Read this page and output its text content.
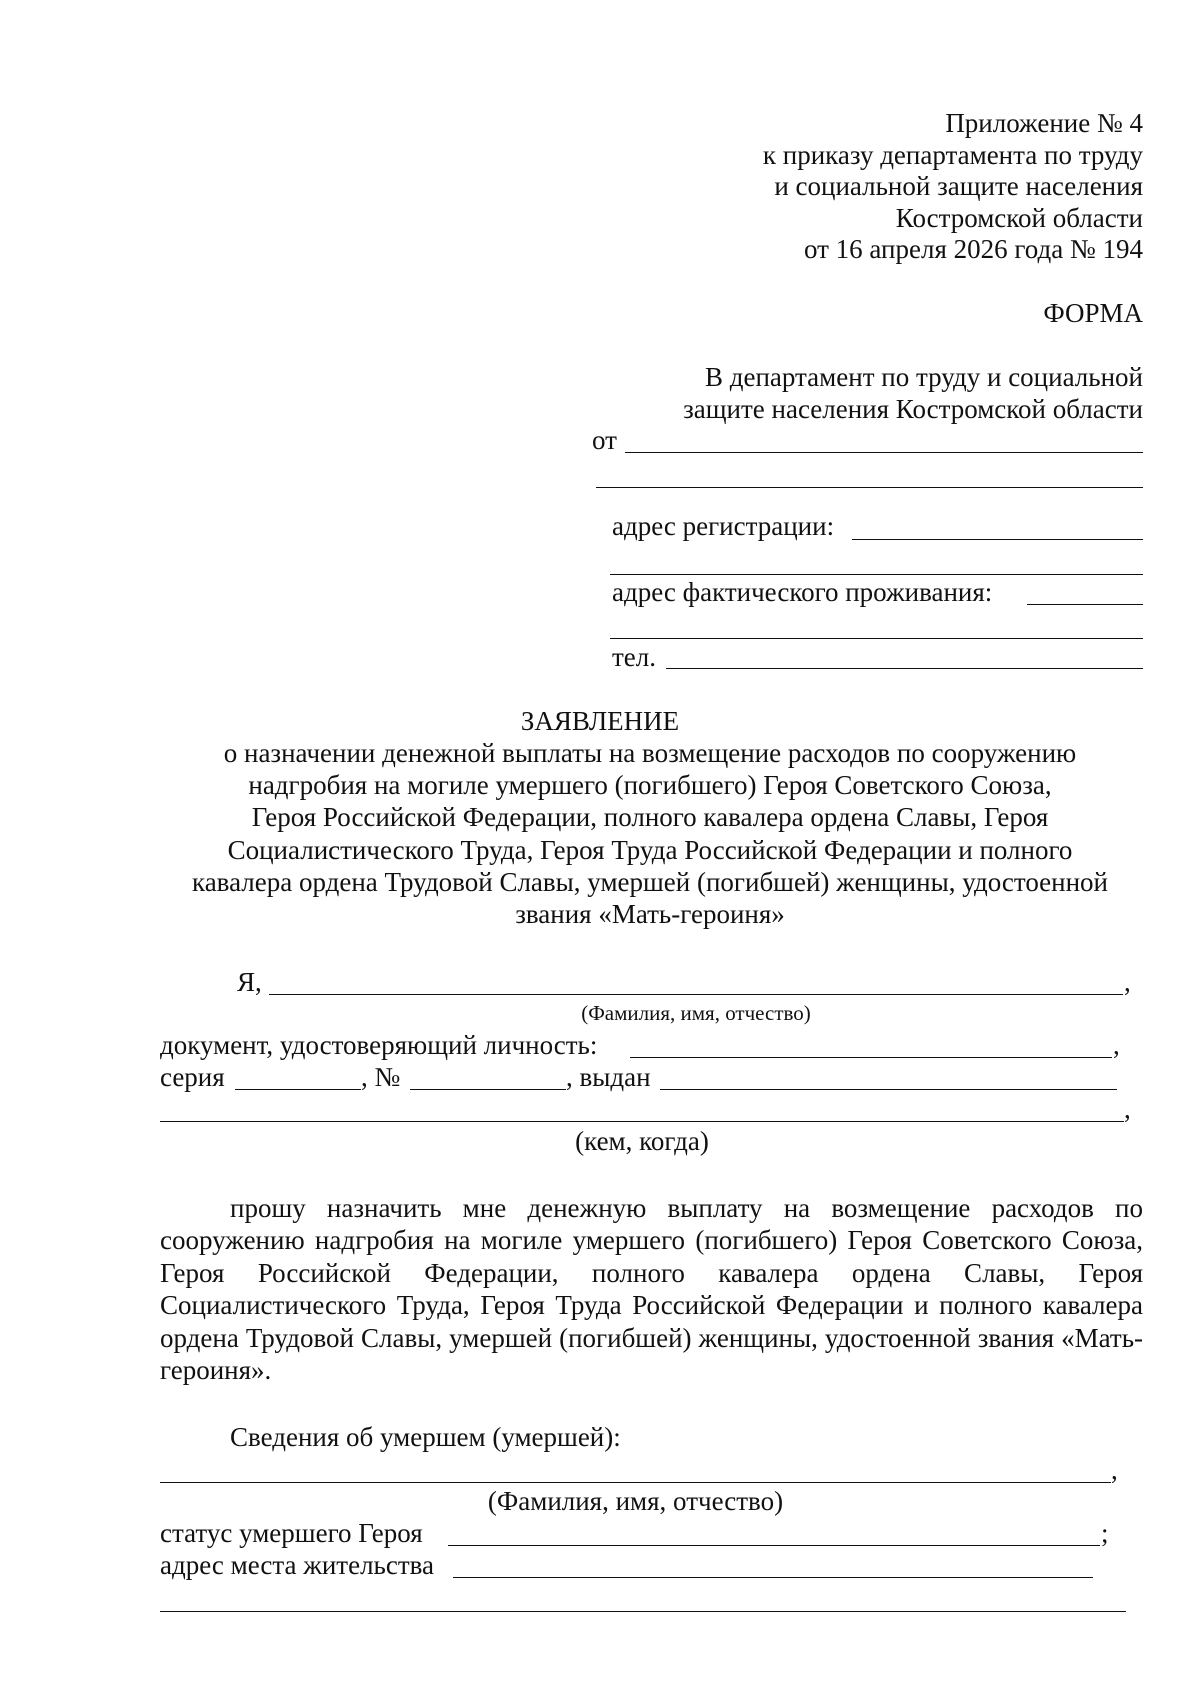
Приложение № 4
к приказу департамента по труду
и социальной защите населения
Костромской области
от 16 апреля 2026 года № 194
ФОРМА
В департамент по труду и социальной
защите населения Костромской области
от
адрес регистрации:
адрес фактического проживания:
тел.
ЗАЯВЛЕНИЕ
о назначении денежной выплаты на возмещение расходов по сооружению
надгробия на могиле умершего (погибшего) Героя Советского Союза,
Героя Российской Федерации, полного кавалера ордена Славы, Героя
Социалистического Труда, Героя Труда Российской Федерации и полного
кавалера ордена Трудовой Славы, умершей (погибшей) женщины, удостоенной
звания «Мать-героиня»
Я,	,
(Фамилия, имя, отчество)
документ, удостоверяющий личность:	,
серия	, №	, выдан
,
(кем, когда)
прошу назначить мне денежную выплату на возмещение расходов по сооружению надгробия на могиле умершего (погибшего) Героя Советского Союза, Героя Российской Федерации, полного кавалера ордена Славы, Героя Социалистического Труда, Героя Труда Российской Федерации и полного кавалера ордена Трудовой Славы, умершей (погибшей) женщины, удостоенной звания «Мать-героиня».
Сведения об умершем (умершей):
,
(Фамилия, имя, отчество)
статус умершего Героя	;
адрес места жительства
